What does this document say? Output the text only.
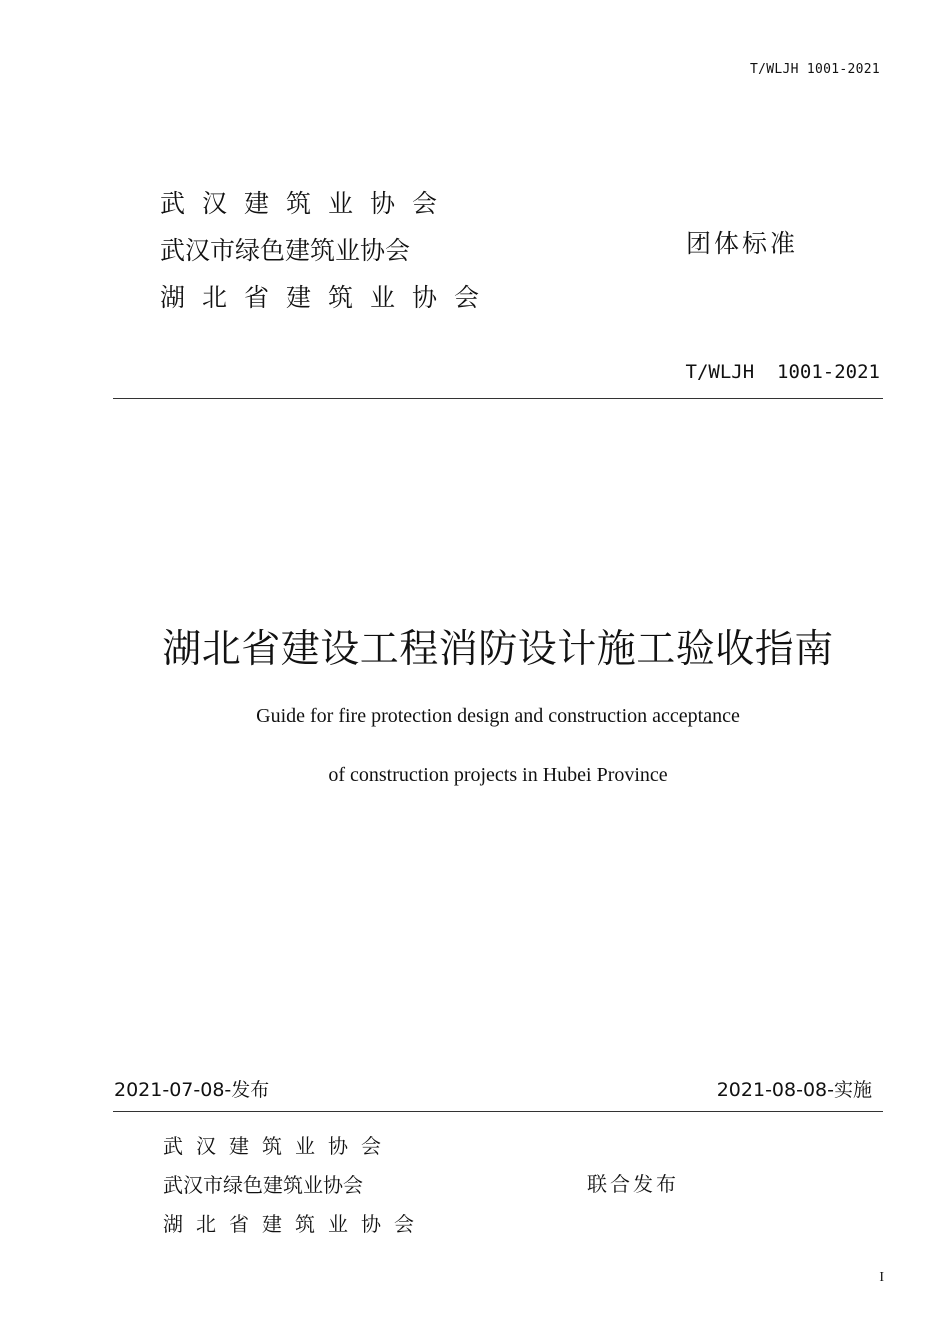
T/WLJH 1001-2021
武汉建筑业协会
武汉市绿色建筑业协会
湖北省建筑业协会
团体标准
T/WLJH  1001-2021
湖北省建设工程消防设计施工验收指南
Guide for fire protection design and construction acceptance
of construction projects in Hubei Province
2021-07-08-发布	2021-08-08-实施
武汉建筑业协会
武汉市绿色建筑业协会
湖北省建筑业协会
联合发布
I
